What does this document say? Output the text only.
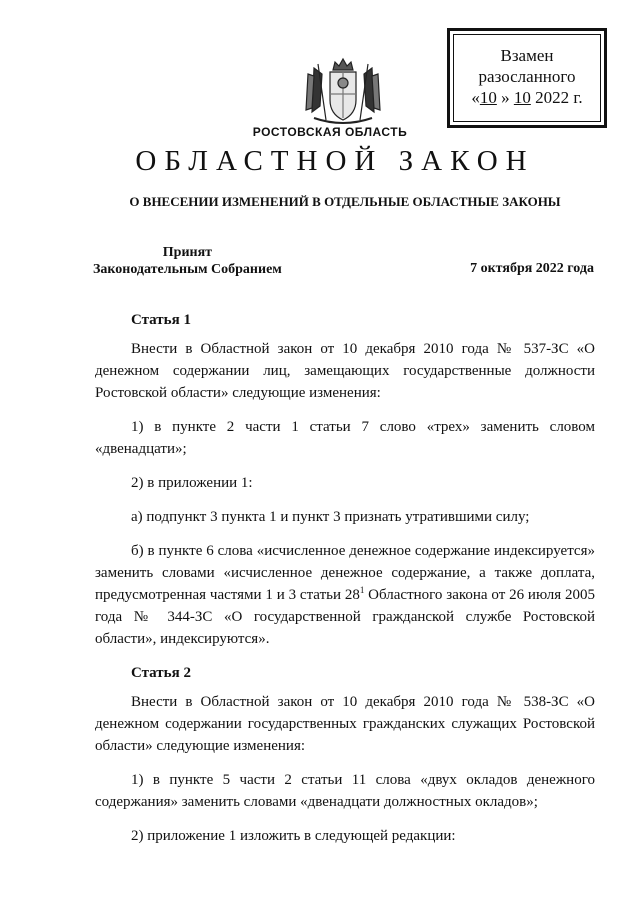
Взамен
разосланного
«10 » 10 2022 г.
РОСТОВСКАЯ ОБЛАСТЬ
ОБЛАСТНОЙ ЗАКОН
О ВНЕСЕНИИ ИЗМЕНЕНИЙ В ОТДЕЛЬНЫЕ ОБЛАСТНЫЕ ЗАКОНЫ
Принят
Законодательным Собранием	7 октября 2022 года

Статья 1

Внести в Областной закон от 10 декабря 2010 года № 537-ЗС «О денежном содержании лиц, замещающих государственные должности Ростовской области» следующие изменения:

1) в пункте 2 части 1 статьи 7 слово «трех» заменить словом «двенадцати»;

2) в приложении 1:

а) подпункт 3 пункта 1 и пункт 3 признать утратившими силу;

б) в пункте 6 слова «исчисленное денежное содержание индексируется» заменить словами «исчисленное денежное содержание, а также доплата, предусмотренная частями 1 и 3 статьи $28^1$ Областного закона от 26 июля 2005 года № 344-ЗС «О государственной гражданской службе Ростовской области», индексируются».

Статья 2

Внести в Областной закон от 10 декабря 2010 года № 538-ЗС «О денежном содержании государственных гражданских служащих Ростовской области» следующие изменения:

1) в пункте 5 части 2 статьи 11 слова «двух окладов денежного содержания» заменить словами «двенадцати должностных окладов»;

2) приложение 1 изложить в следующей редакции:
